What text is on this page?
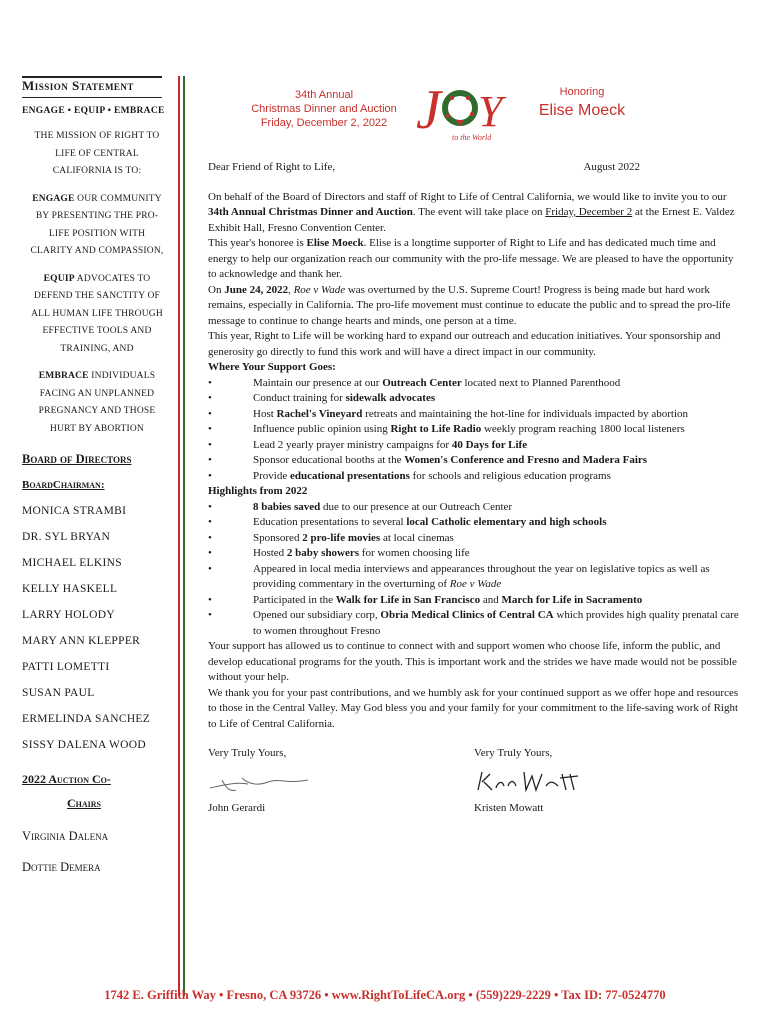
Mission Statement
ENGAGE • EQUIP • EMBRACE

THE MISSION OF RIGHT TO

LIFE OF CENTRAL

CALIFORNIA IS TO:

ENGAGE OUR COMMUNITY

BY PRESENTING THE PRO-

LIFE POSITION WITH

CLARITY AND COMPASSION,

EQUIP ADVOCATES TO

DEFEND THE SANCTITY OF

ALL HUMAN LIFE THROUGH

EFFECTIVE TOOLS AND

TRAINING, AND

EMBRACE INDIVIDUALS

FACING AN UNPLANNED

PREGNANCY AND THOSE

HURT BY ABORTION

Board of Directors
BoardChairman:
MONICA STRAMBI
DR. SYL BRYAN
MICHAEL ELKINS
KELLY HASKELL
LARRY HOLODY
MARY ANN KLEPPER
PATTI LOMETTI
SUSAN PAUL
ERMELINDA SANCHEZ
SISSY DALENA WOOD
2022 Auction Co-
Chairs
Virginia Dalena
Dottie Demera
34th Annual
Christmas Dinner and Auction
Friday, December 2, 2022 J Y
to the World
Honoring
Elise Moeck
Dear Friend of Right to Life,	August 2022

On behalf of the Board of Directors and staff of Right to Life of Central California, we would like to invite you to our 34th Annual Christmas Dinner and Auction. The event will take place on Friday, December 2 at the Ernest E. Valdez Exhibit Hall, Fresno Convention Center.

This year's honoree is Elise Moeck. Elise is a longtime supporter of Right to Life and has dedicated much time and energy to help our organization reach our community with the pro-life message. We are pleased to have the opportunity to acknowledge and thank her.

On June 24, 2022, Roe v Wade was overturned by the U.S. Supreme Court! Progress is being made but hard work remains, especially in California. The pro-life movement must continue to educate the public and to spread the pro-life message to continue to change hearts and minds, one person at a time.

This year, Right to Life will be working hard to expand our outreach and education initiatives. Your sponsorship and generosity go directly to fund this work and will have a direct impact in our community.

Where Your Support Goes:

• Maintain our presence at our Outreach Center located next to Planned Parenthood
• Conduct training for sidewalk advocates
• Host Rachel's Vineyard retreats and maintaining the hot-line for individuals impacted by abortion
• Influence public opinion using Right to Life Radio weekly program reaching 1800 local listeners
• Lead 2 yearly prayer ministry campaigns for 40 Days for Life
• Sponsor educational booths at the Women's Conference and Fresno and Madera Fairs
• Provide educational presentations for schools and religious education programs

Highlights from 2022

• 8 babies saved due to our presence at our Outreach Center
• Education presentations to several local Catholic elementary and high schools
• Sponsored 2 pro-life movies at local cinemas
• Hosted 2 baby showers for women choosing life
• Appeared in local media interviews and appearances throughout the year on legislative topics as well as providing commentary in the overturning of Roe v Wade
• Participated in the Walk for Life in San Francisco and March for Life in Sacramento
• Opened our subsidiary corp, Obria Medical Clinics of Central CA which provides high quality prenatal care to women throughout Fresno

Your support has allowed us to continue to connect with and support women who choose life, inform the public, and develop educational programs for the youth. This is important work and the strides we have made would not be possible without your help.

We thank you for your past contributions, and we humbly ask for your continued support as we offer hope and resources to those in the Central Valley. May God bless you and your family for your commitment to the life-saving work of Right to Life of Central California.

Very Truly Yours,
John Gerardi
Very Truly Yours,
Kristen Mowatt
1742 E. Griffith Way • Fresno, CA 93726 • www.RightToLifeCA.org • (559)229-2229 • Tax ID: 77-0524770
